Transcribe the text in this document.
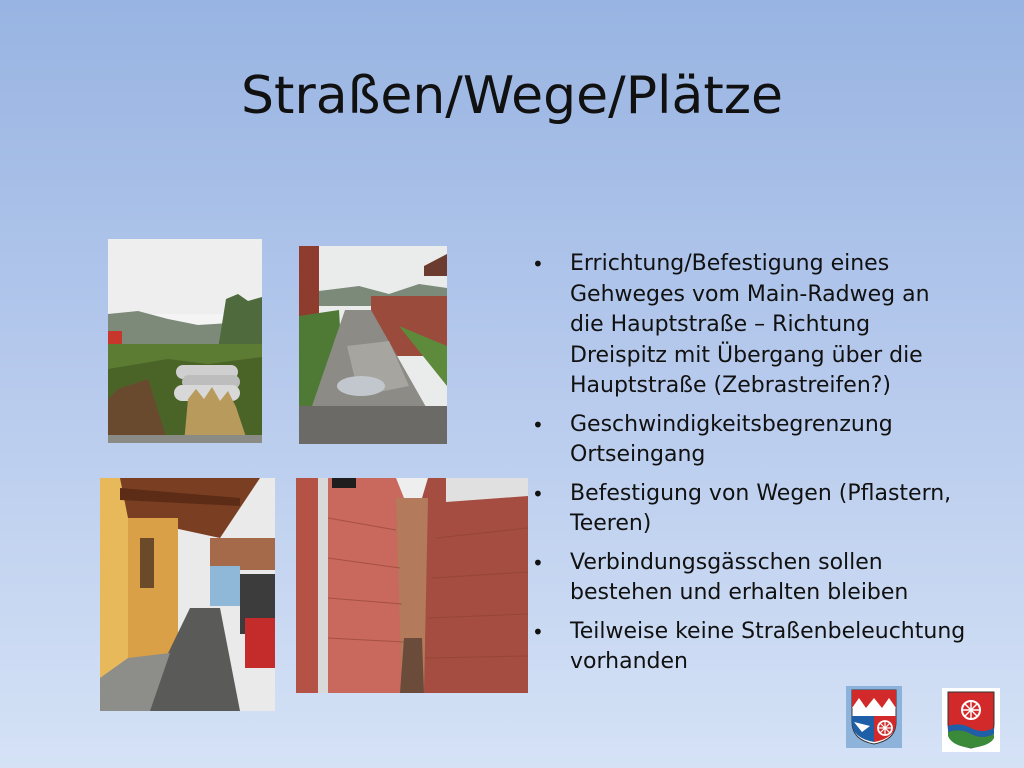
Straßen/Wege/Plätze
• Errichtung/Befestigung eines Gehweges vom Main-Radweg an die Hauptstraße – Richtung Dreispitz mit Übergang über die Hauptstraße (Zebrastreifen?)
• Geschwindigkeitsbegrenzung Ortseingang
• Befestigung von Wegen (Pflastern, Teeren)
• Verbindungsgässchen sollen bestehen und erhalten bleiben
• Teilweise keine Straßenbeleuchtung vorhanden
